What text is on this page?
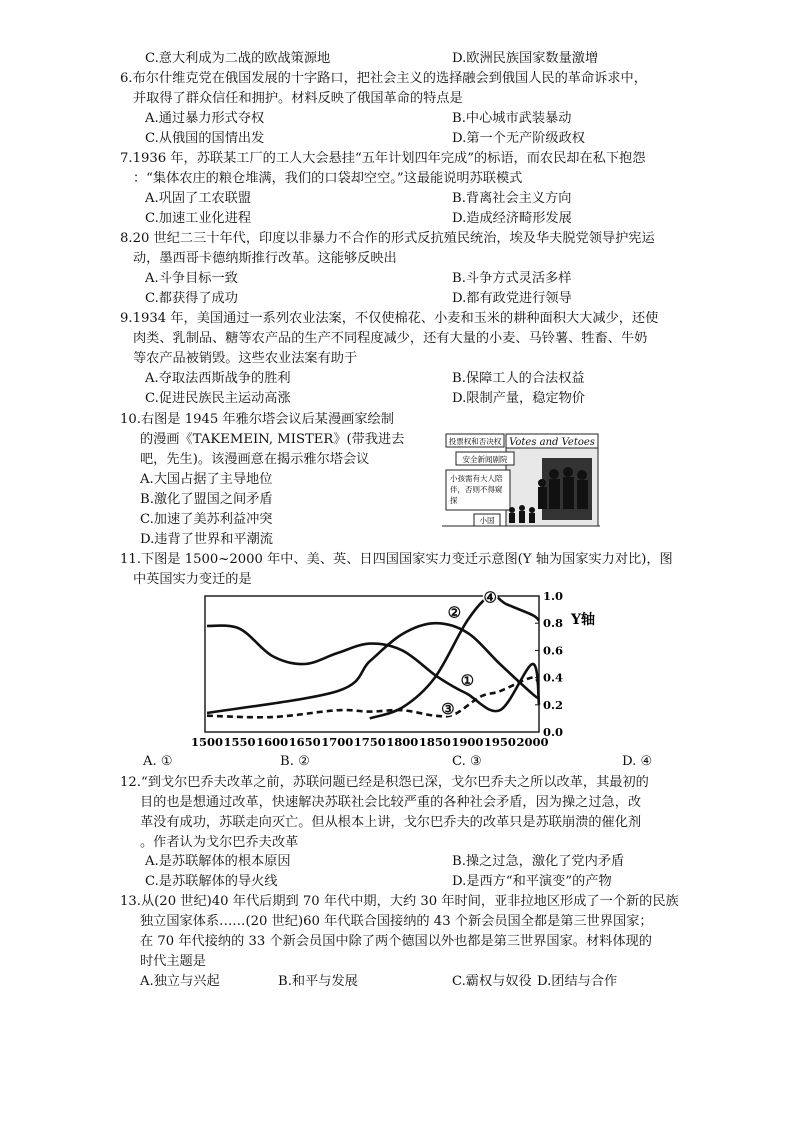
C.意大利成为二战的欧战策源地	D.欧洲民族国家数量激增
6.布尔什维克党在俄国发展的十字路口，把社会主义的选择融会到俄国人民的革命诉求中，
并取得了群众信任和拥护。材料反映了俄国革命的特点是
A.通过暴力形式夺权	B.中心城市武装暴动
C.从俄国的国情出发	D.第一个无产阶级政权
7.1936 年，苏联某工厂的工人大会悬挂“五年计划四年完成”的标语，而农民却在私下抱怨
：“集体农庄的粮仓堆满，我们的口袋却空空。”这最能说明苏联模式
A.巩固了工农联盟	B.背离社会主义方向
C.加速工业化进程	D.造成经济畸形发展
8.20 世纪二三十年代，印度以非暴力不合作的形式反抗殖民统治，埃及华夫脱党领导护宪运
动，墨西哥卡德纳斯推行改革。这能够反映出
A.斗争目标一致	B.斗争方式灵活多样
C.都获得了成功	D.都有政党进行领导
9.1934 年，美国通过一系列农业法案，不仅使棉花、小麦和玉米的耕种面积大大减少，还使
肉类、乳制品、糖等农产品的生产不同程度减少，还有大量的小麦、马铃薯、牲畜、牛奶
等农产品被销毁。这些农业法案有助于
A.夺取法西斯战争的胜利	B.保障工人的合法权益
C.促进民族民主运动高涨	D.限制产量，稳定物价
10.右图是 1945 年雅尔塔会议后某漫画家绘制
的漫画《TAKEMEIN, MISTER》(带我进去
吧，先生)。该漫画意在揭示雅尔塔会议
A.大国占据了主导地位
B.激化了盟国之间矛盾
C.加速了美苏利益冲突
D.违背了世界和平潮流
Votes and Vetoes
投票权和否决权
安全新闻剧院
小孩需有大人陪
伴，否则不得窥
探
小国
11.下图是 1500~2000 年中、美、英、日四国国家实力变迁示意图(Y 轴为国家实力对比)，图
中英国实力变迁的是
1500 1550 1600 1650 1700 1750 1800 1850 1900 1950 2000
0.0
0.2
0.4
0.6
0.8
1.0
①
②
③
④
Y轴
A. ①	B. ②	C. ③	D. ④
12.“到戈尔巴乔夫改革之前，苏联问题已经是积怨已深，戈尔巴乔夫之所以改革，其最初的
目的也是想通过改革，快速解决苏联社会比较严重的各种社会矛盾，因为操之过急，改
革没有成功，苏联走向灭亡。但从根本上讲，戈尔巴乔夫的改革只是苏联崩溃的催化剂
。作者认为戈尔巴乔夫改革
A.是苏联解体的根本原因	B.操之过急，激化了党内矛盾
C.是苏联解体的导火线	D.是西方“和平演变”的产物
13.从(20 世纪)40 年代后期到 70 年代中期，大约 30 年时间，亚非拉地区形成了一个新的民族
独立国家体系……(20 世纪)60 年代联合国接纳的 43 个新会员国全都是第三世界国家；
在 70 年代接纳的 33 个新会员国中除了两个德国以外也都是第三世界国家。材料体现的
时代主题是
A.独立与兴起	B.和平与发展	C.霸权与奴役 D.团结与合作
